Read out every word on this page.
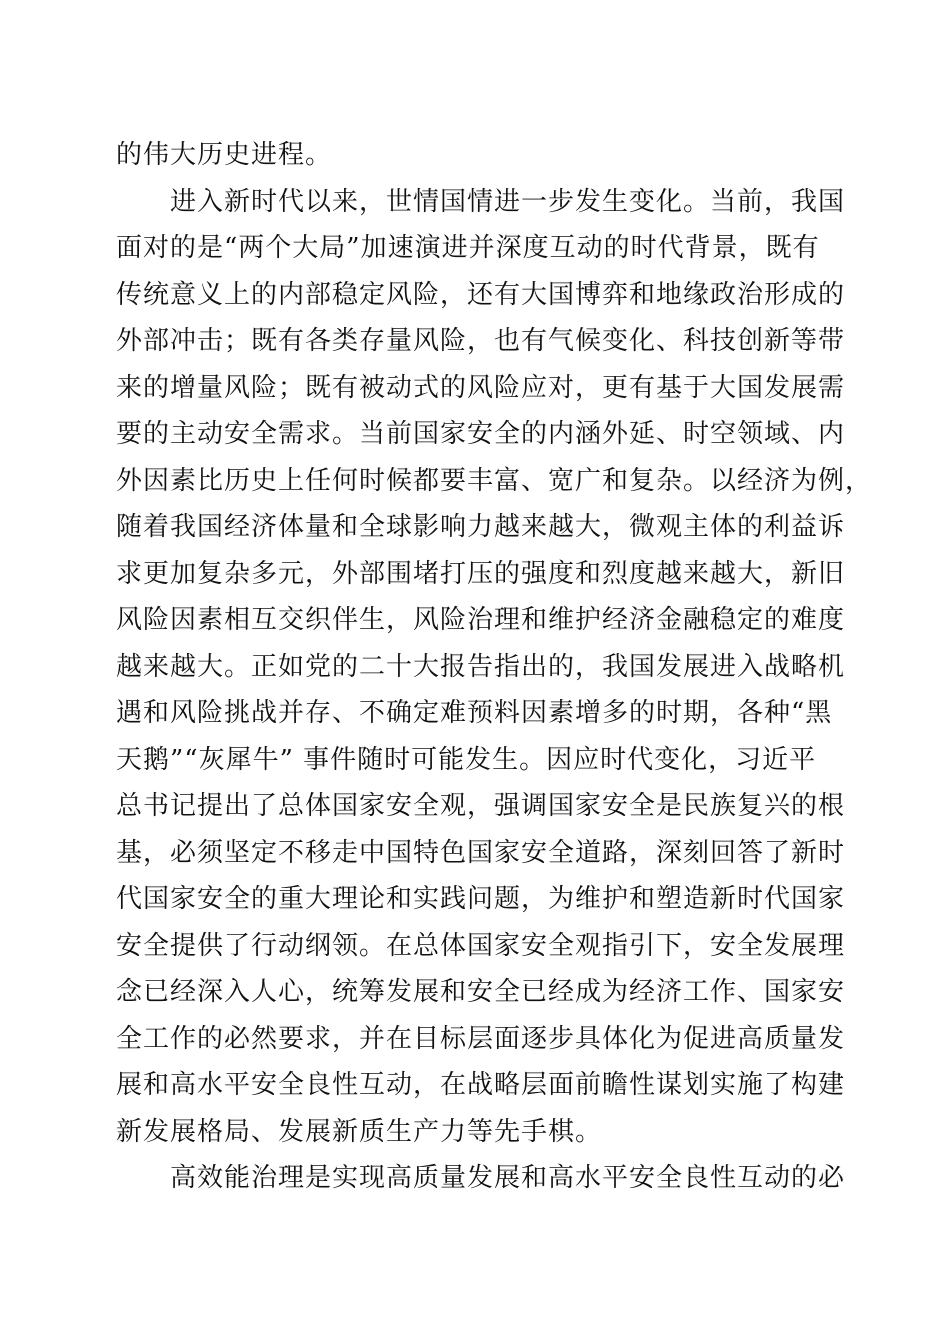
的伟大历史进程。
　　进入新时代以来，世情国情进一步发生变化。当前，我国
面对的是“两个大局”加速演进并深度互动的时代背景，既有
传统意义上的内部稳定风险，还有大国博弈和地缘政治形成的
外部冲击；既有各类存量风险，也有气候变化、科技创新等带
来的增量风险；既有被动式的风险应对，更有基于大国发展需
要的主动安全需求。当前国家安全的内涵外延、时空领域、内
外因素比历史上任何时候都要丰富、宽广和复杂。以经济为例，
随着我国经济体量和全球影响力越来越大，微观主体的利益诉
求更加复杂多元，外部围堵打压的强度和烈度越来越大，新旧
风险因素相互交织伴生，风险治理和维护经济金融稳定的难度
越来越大。正如党的二十大报告指出的，我国发展进入战略机
遇和风险挑战并存、不确定难预料因素增多的时期，各种“黑
天鹅”“灰犀牛” 事件随时可能发生。因应时代变化，习近平
总书记提出了总体国家安全观，强调国家安全是民族复兴的根
基，必须坚定不移走中国特色国家安全道路，深刻回答了新时
代国家安全的重大理论和实践问题，为维护和塑造新时代国家
安全提供了行动纲领。在总体国家安全观指引下，安全发展理
念已经深入人心，统筹发展和安全已经成为经济工作、国家安
全工作的必然要求，并在目标层面逐步具体化为促进高质量发
展和高水平安全良性互动，在战略层面前瞻性谋划实施了构建
新发展格局、发展新质生产力等先手棋。
　　高效能治理是实现高质量发展和高水平安全良性互动的必
